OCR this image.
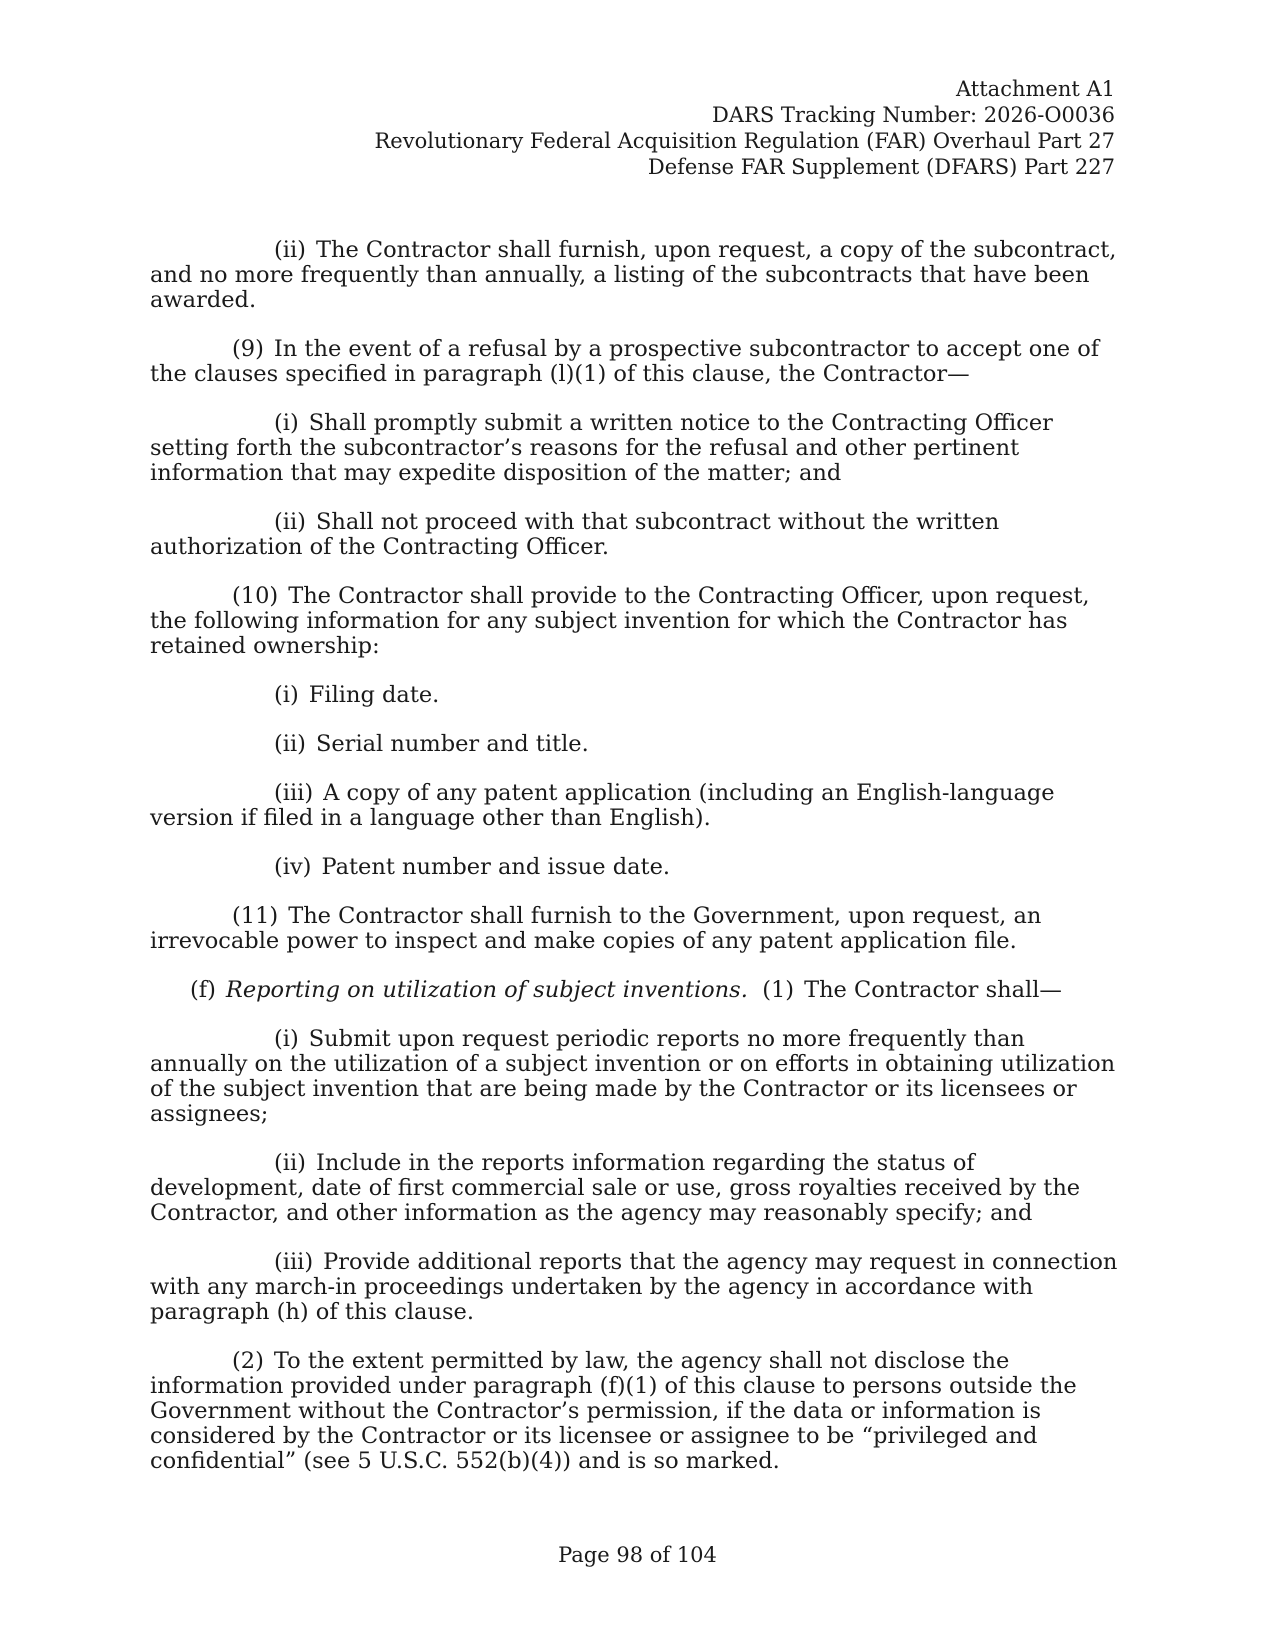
Attachment A1
DARS Tracking Number: 2026-O0036
Revolutionary Federal Acquisition Regulation (FAR) Overhaul Part 27
Defense FAR Supplement (DFARS) Part 227

(ii) The Contractor shall furnish, upon request, a copy of the subcontract, and no more frequently than annually, a listing of the subcontracts that have been awarded.

(9) In the event of a refusal by a prospective subcontractor to accept one of the clauses specified in paragraph (l)(1) of this clause, the Contractor—

(i) Shall promptly submit a written notice to the Contracting Officer setting forth the subcontractor’s reasons for the refusal and other pertinent information that may expedite disposition of the matter; and

(ii) Shall not proceed with that subcontract without the written authorization of the Contracting Officer.

(10) The Contractor shall provide to the Contracting Officer, upon request, the following information for any subject invention for which the Contractor has retained ownership:

(i) Filing date.

(ii) Serial number and title.

(iii) A copy of any patent application (including an English-language version if filed in a language other than English).

(iv) Patent number and issue date.

(11) The Contractor shall furnish to the Government, upon request, an irrevocable power to inspect and make copies of any patent application file.

(f) Reporting on utilization of subject inventions. (1) The Contractor shall—

(i) Submit upon request periodic reports no more frequently than annually on the utilization of a subject invention or on efforts in obtaining utilization of the subject invention that are being made by the Contractor or its licensees or assignees;

(ii) Include in the reports information regarding the status of development, date of first commercial sale or use, gross royalties received by the Contractor, and other information as the agency may reasonably specify; and

(iii) Provide additional reports that the agency may request in connection with any march-in proceedings undertaken by the agency in accordance with paragraph (h) of this clause.

(2) To the extent permitted by law, the agency shall not disclose the information provided under paragraph (f)(1) of this clause to persons outside the Government without the Contractor’s permission, if the data or information is considered by the Contractor or its licensee or assignee to be “privileged and confidential” (see 5 U.S.C. 552(b)(4)) and is so marked.

Page 98 of 104
